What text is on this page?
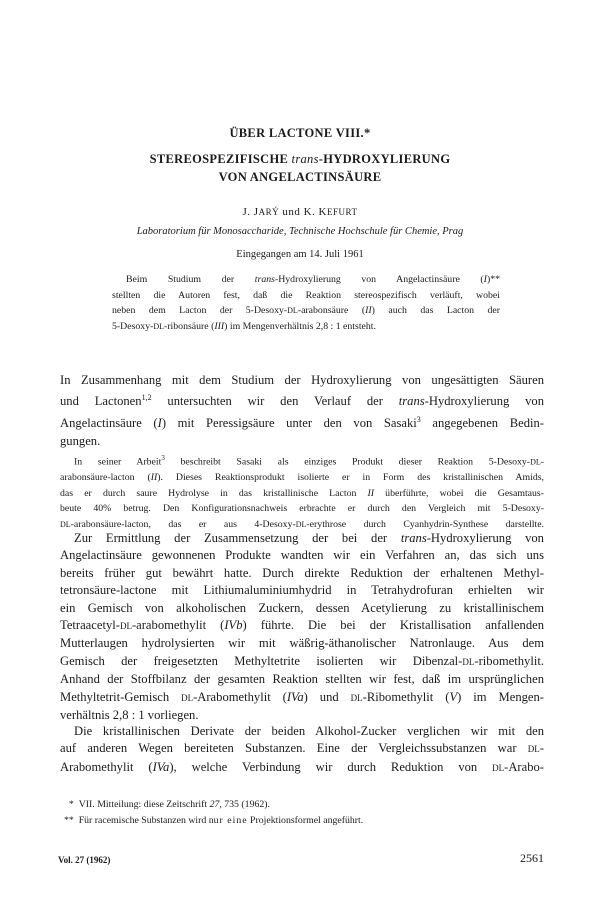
ÜBER LACTONE VIII.*
STEREOSPEZIFISCHE trans-HYDROXYLIERUNG
VON ANGELACTINSÄURE
J. JARÝ und K. KEFURT
Laboratorium für Monosaccharide, Technische Hochschule für Chemie, Prag
Eingegangen am 14. Juli 1961
Beim Studium der trans-Hydroxylierung von Angelactinsäure (I)**
stellten die Autoren fest, daß die Reaktion stereospezifisch verläuft, wobei
neben dem Lacton der 5-Desoxy-DL-arabonsäure (II) auch das Lacton der
5-Desoxy-DL-ribonsäure (III) im Mengenverhältnis 2,8 : 1 entsteht.
In Zusammenhang mit dem Studium der Hydroxylierung von ungesättigten Säuren
und Lactonen$^{1,2}$ untersuchten wir den Verlauf der trans-Hydroxylierung von
Angelactinsäure (I) mit Peressigsäure unter den von Sasaki$^3$ angegebenen Bedin-
gungen.
In seiner Arbeit$^3$ beschreibt Sasaki als einziges Produkt dieser Reaktion 5-Desoxy-DL-
arabonsäure-lacton (II). Dieses Reaktionsprodukt isolierte er in Form des kristallinischen Amids,
das er durch saure Hydrolyse in das kristallinische Lacton II überführte, wobei die Gesamtaus-
beute 40% betrug. Den Konfigurationsnachweis erbrachte er durch den Vergleich mit 5-Desoxy-
DL-arabonsäure-lacton, das er aus 4-Desoxy-DL-erythrose durch Cyanhydrin-Synthese darstellte.
Zur Ermittlung der Zusammensetzung der bei der trans-Hydroxylierung von
Angelactinsäure gewonnenen Produkte wandten wir ein Verfahren an, das sich uns
bereits früher gut bewährt hatte. Durch direkte Reduktion der erhaltenen Methyl-
tetronsäure-lactone mit Lithiumaluminiumhydrid in Tetrahydrofuran erhielten wir
ein Gemisch von alkoholischen Zuckern, dessen Acetylierung zu kristallinischem
Tetraacetyl-DL-arabomethylit (IVb) führte. Die bei der Kristallisation anfallenden
Mutterlaugen hydrolysierten wir mit wäßrig-äthanolischer Natronlauge. Aus dem
Gemisch der freigesetzten Methyltetrite isolierten wir Dibenzal-DL-ribomethylit.
Anhand der Stoffbilanz der gesamten Reaktion stellten wir fest, daß im ursprünglichen
Methyltetrit-Gemisch DL-Arabomethylit (IVa) und DL-Ribomethylit (V) im Mengen-
verhältnis 2,8 : 1 vorliegen.
Die kristallinischen Derivate der beiden Alkohol-Zucker verglichen wir mit den
auf anderen Wegen bereiteten Substanzen. Eine der Vergleichssubstanzen war DL-
Arabomethylit (IVa), welche Verbindung wir durch Reduktion von DL-Arabo-
*  VII. Mitteilung: diese Zeitschrift 27, 735 (1962).
**  Für racemische Substanzen wird nur eine Projektionsformel angeführt.
Vol. 27 (1962)	2561
